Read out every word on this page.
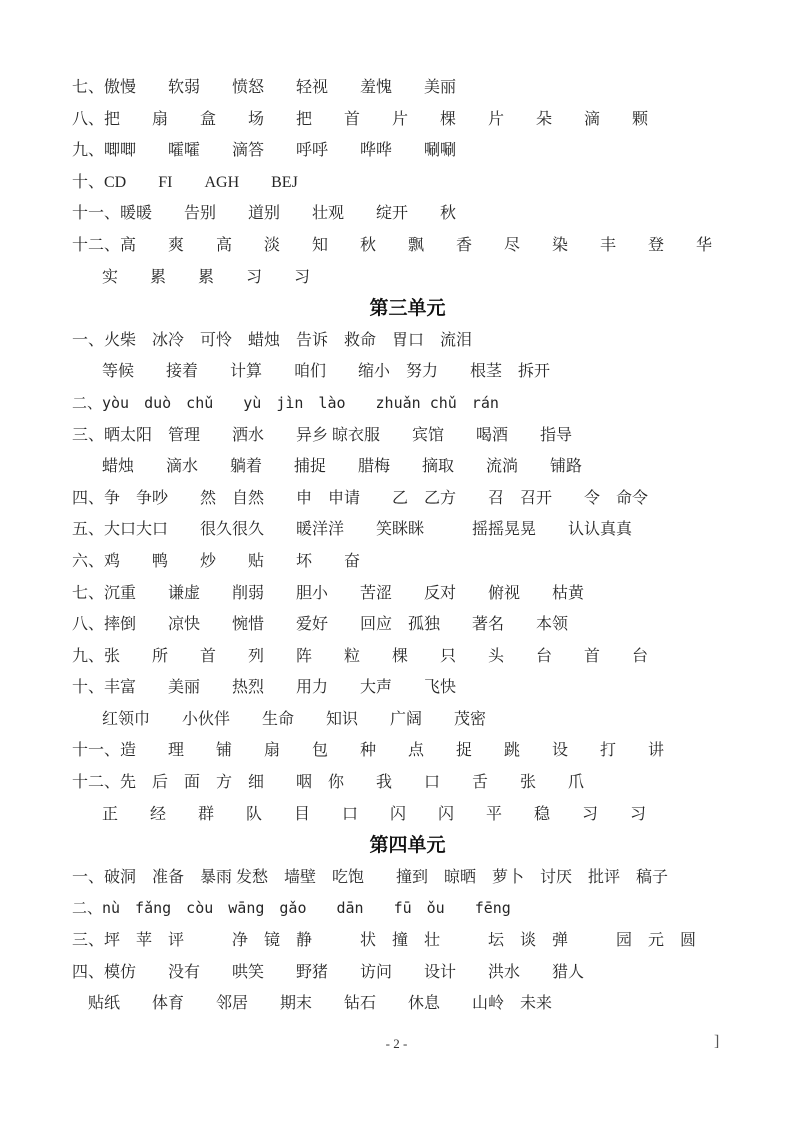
七、傲慢　　软弱　　愤怒　　轻视　　羞愧　　美丽
八、把　　扇　　盒　　场　　把　　首　　片　　棵　　片　　朵　　滴　　颗
九、唧唧　　嚯嚯　　滴答　　呼呼　　哗哗　　唰唰
十、CD　　FI　　AGH　　BEJ
十一、暖暖　　告别　　道别　　壮观　　绽开　　秋
十二、高　　爽　　高　　淡　　知　　秋　　飘　　香　　尽　　染　　丰　　登　　华
实　　累　　累　　习　　习
第三单元
一、火柴　冰冷　可怜　蜡烛　告诉　救命　胃口　流泪
等候　　接着　　计算　　咱们　　缩小　努力　　根茎　拆开
二、yòu　duò　chǔ　　yù　jìn　lào　　zhuǎn chǔ　rán
三、晒太阳　管理　　洒水　　异乡 晾衣服　　宾馆　　喝酒　　指导
蜡烛　　滴水　　躺着　　捕捉　　腊梅　　摘取　　流淌　　铺路
四、争　争吵　　然　自然　　申　申请　　乙　乙方　　召　召开　　令　命令
五、大口大口　　很久很久　　暖洋洋　　笑眯眯　　　摇摇晃晃　　认认真真
六、鸡　　鸭　　炒　　贴　　坏　　奋
七、沉重　　谦虚　　削弱　　胆小　　苦涩　　反对　　俯视　　枯黄
八、摔倒　　凉快　　惋惜　　爱好　　回应　孤独　　著名　　本领
九、张　　所　　首　　列　　阵　　粒　　棵　　只　　头　　台　　首　　台
十、丰富　　美丽　　热烈　　用力　　大声　　飞快
红领巾　　小伙伴　　生命　　知识　　广阔　　茂密
十一、造　　理　　铺　　扇　　包　　种　　点　　捉　　跳　　设　　打　　讲
十二、先　后　面　方　细　　咽　你　　我　　口　　舌　　张　　爪
正　　经　　群　　队　　目　　口　　闪　　闪　　平　　稳　　习　　习
第四单元
一、破洞　准备　暴雨 发愁　墙壁　吃饱　　撞到　晾晒　萝卜　讨厌　批评　稿子
二、nù　fǎng　còu　wāng　gǎo　　dān　　fū　ǒu　　fēng
三、坪　苹　评　　　净　镜　静　　　状　撞　壮　　　坛　谈　弹　　　园　元　圆
四、模仿　　没有　　哄笑　　野猪　　访问　　设计　　洪水　　猎人
贴纸　　体育　　邻居　　期末　　钻石　　休息　　山岭　未来
- 2 -	]
